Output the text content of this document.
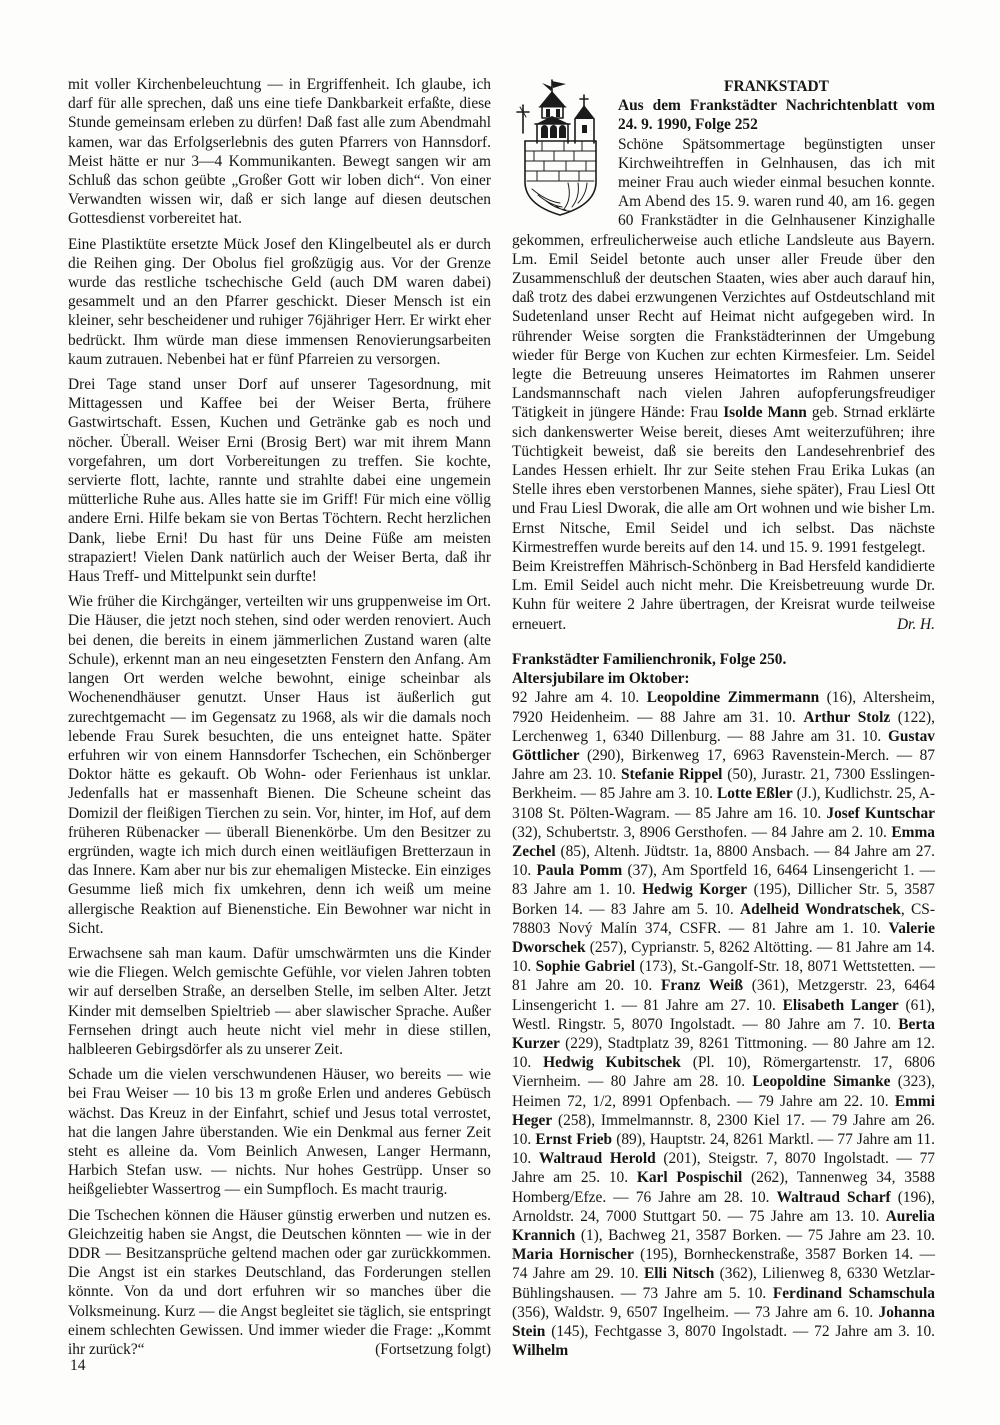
mit voller Kirchenbeleuchtung — in Ergriffenheit. Ich glaube, ich darf für alle sprechen, daß uns eine tiefe Dankbarkeit erfaßte, diese Stunde gemeinsam erleben zu dürfen! Daß fast alle zum Abendmahl kamen, war das Erfolgserlebnis des guten Pfarrers von Hannsdorf. Meist hätte er nur 3—4 Kommunikanten. Bewegt sangen wir am Schluß das schon geübte „Großer Gott wir loben dich“. Von einer Verwandten wissen wir, daß er sich lange auf diesen deutschen Gottesdienst vorbereitet hat.

Eine Plastiktüte ersetzte Mück Josef den Klingelbeutel als er durch die Reihen ging. Der Obolus fiel großzügig aus. Vor der Grenze wurde das restliche tschechische Geld (auch DM waren dabei) gesammelt und an den Pfarrer geschickt. Dieser Mensch ist ein kleiner, sehr bescheidener und ruhiger 76jähriger Herr. Er wirkt eher bedrückt. Ihm würde man diese immensen Renovierungsarbeiten kaum zutrauen. Nebenbei hat er fünf Pfarreien zu versorgen.

Drei Tage stand unser Dorf auf unserer Tagesordnung, mit Mittagessen und Kaffee bei der Weiser Berta, frühere Gastwirtschaft. Essen, Kuchen und Getränke gab es noch und nöcher. Überall. Weiser Erni (Brosig Bert) war mit ihrem Mann vorgefahren, um dort Vorbereitungen zu treffen. Sie kochte, servierte flott, lachte, rannte und strahlte dabei eine ungemein mütterliche Ruhe aus. Alles hatte sie im Griff! Für mich eine völlig andere Erni. Hilfe bekam sie von Bertas Töchtern. Recht herzlichen Dank, liebe Erni! Du hast für uns Deine Füße am meisten strapaziert! Vielen Dank natürlich auch der Weiser Berta, daß ihr Haus Treff- und Mittelpunkt sein durfte!

Wie früher die Kirchgänger, verteilten wir uns gruppenweise im Ort. Die Häuser, die jetzt noch stehen, sind oder werden renoviert. Auch bei denen, die bereits in einem jämmerlichen Zustand waren (alte Schule), erkennt man an neu eingesetzten Fenstern den Anfang. Am langen Ort werden welche bewohnt, einige scheinbar als Wochenendhäuser genutzt. Unser Haus ist äußerlich gut zurechtgemacht — im Gegensatz zu 1968, als wir die damals noch lebende Frau Surek besuchten, die uns enteignet hatte. Später erfuhren wir von einem Hannsdorfer Tschechen, ein Schönberger Doktor hätte es gekauft. Ob Wohn- oder Ferienhaus ist unklar. Jedenfalls hat er massenhaft Bienen. Die Scheune scheint das Domizil der fleißigen Tierchen zu sein. Vor, hinter, im Hof, auf dem früheren Rübenacker — überall Bienenkörbe. Um den Besitzer zu ergründen, wagte ich mich durch einen weitläufigen Bretterzaun in das Innere. Kam aber nur bis zur ehemaligen Mistecke. Ein einziges Gesumme ließ mich fix umkehren, denn ich weiß um meine allergische Reaktion auf Bienenstiche. Ein Bewohner war nicht in Sicht.

Erwachsene sah man kaum. Dafür umschwärmten uns die Kinder wie die Fliegen. Welch gemischte Gefühle, vor vielen Jahren tobten wir auf derselben Straße, an derselben Stelle, im selben Alter. Jetzt Kinder mit demselben Spieltrieb — aber slawischer Sprache. Außer Fernsehen dringt auch heute nicht viel mehr in diese stillen, halbleeren Gebirgsdörfer als zu unserer Zeit.

Schade um die vielen verschwundenen Häuser, wo bereits — wie bei Frau Weiser — 10 bis 13 m große Erlen und anderes Gebüsch wächst. Das Kreuz in der Einfahrt, schief und Jesus total verrostet, hat die langen Jahre überstanden. Wie ein Denkmal aus ferner Zeit steht es alleine da. Vom Beinlich Anwesen, Langer Hermann, Harbich Stefan usw. — nichts. Nur hohes Gestrüpp. Unser so heißgeliebter Wassertrog — ein Sumpfloch. Es macht traurig.

Die Tschechen können die Häuser günstig erwerben und nutzen es. Gleichzeitig haben sie Angst, die Deutschen könnten — wie in der DDR — Besitzansprüche geltend machen oder gar zurückkommen. Die Angst ist ein starkes Deutschland, das Forderungen stellen könnte. Von da und dort erfuhren wir so manches über die Volksmeinung. Kurz — die Angst begleitet sie täglich, sie entspringt einem schlechten Gewissen. Und immer wieder die Frage: „Kommt ihr zurück?“	(Fortsetzung folgt)

FRANKSTADT

Aus dem Frankstädter Nachrichtenblatt vom 24. 9. 1990, Folge 252

Schöne Spätsommertage begünstigten unser Kirchweihtreffen in Gelnhausen, das ich mit meiner Frau auch wieder einmal besuchen konnte. Am Abend des 15. 9. waren rund 40, am 16. gegen 60 Frankstädter in die Gelnhausener Kinzighalle gekommen, erfreulicherweise auch etliche Landsleute aus Bayern. Lm. Emil Seidel betonte auch unser aller Freude über den Zusammenschluß der deutschen Staaten, wies aber auch darauf hin, daß trotz des dabei erzwungenen Verzichtes auf Ostdeutschland mit Sudetenland unser Recht auf Heimat nicht aufgegeben wird. In rührender Weise sorgten die Frankstädterinnen der Umgebung wieder für Berge von Kuchen zur echten Kirmesfeier. Lm. Seidel legte die Betreuung unseres Heimatortes im Rahmen unserer Landsmannschaft nach vielen Jahren aufopferungsfreudiger Tätigkeit in jüngere Hände: Frau Isolde Mann geb. Strnad erklärte sich dankenswerter Weise bereit, dieses Amt weiterzuführen; ihre Tüchtigkeit beweist, daß sie bereits den Landesehrenbrief des Landes Hessen erhielt. Ihr zur Seite stehen Frau Erika Lukas (an Stelle ihres eben verstorbenen Mannes, siehe später), Frau Liesl Ott und Frau Liesl Dworak, die alle am Ort wohnen und wie bisher Lm. Ernst Nitsche, Emil Seidel und ich selbst. Das nächste Kirmestreffen wurde bereits auf den 14. und 15. 9. 1991 festgelegt.

Beim Kreistreffen Mährisch-Schönberg in Bad Hersfeld kandidierte Lm. Emil Seidel auch nicht mehr. Die Kreisbetreuung wurde Dr. Kuhn für weitere 2 Jahre übertragen, der Kreisrat wurde teilweise erneuert.	Dr. H.

Frankstädter Familienchronik, Folge 250.

Altersjubilare im Oktober:

92 Jahre am 4. 10. Leopoldine Zimmermann (16), Altersheim, 7920 Heidenheim. — 88 Jahre am 31. 10. Arthur Stolz (122), Lerchenweg 1, 6340 Dillenburg. — 88 Jahre am 31. 10. Gustav Göttlicher (290), Birkenweg 17, 6963 Ravenstein-Merch. — 87 Jahre am 23. 10. Stefanie Rippel (50), Jurastr. 21, 7300 Esslingen-Berkheim. — 85 Jahre am 3. 10. Lotte Eßler (J.), Kudlichstr. 25, A-3108 St. Pölten-Wagram. — 85 Jahre am 16. 10. Josef Kuntschar (32), Schubertstr. 3, 8906 Gersthofen. — 84 Jahre am 2. 10. Emma Zechel (85), Altenh. Jüdtstr. 1a, 8800 Ansbach. — 84 Jahre am 27. 10. Paula Pomm (37), Am Sportfeld 16, 6464 Linsengericht 1. — 83 Jahre am 1. 10. Hedwig Korger (195), Dillicher Str. 5, 3587 Borken 14. — 83 Jahre am 5. 10. Adelheid Wondratschek, CS-78803 Nový Malín 374, CSFR. — 81 Jahre am 1. 10. Valerie Dworschek (257), Cyprianstr. 5, 8262 Altötting. — 81 Jahre am 14. 10. Sophie Gabriel (173), St.-Gangolf-Str. 18, 8071 Wettstetten. — 81 Jahre am 20. 10. Franz Weiß (361), Metzgerstr. 23, 6464 Linsengericht 1. — 81 Jahre am 27. 10. Elisabeth Langer (61), Westl. Ringstr. 5, 8070 Ingolstadt. — 80 Jahre am 7. 10. Berta Kurzer (229), Stadtplatz 39, 8261 Tittmoning. — 80 Jahre am 12. 10. Hedwig Kubitschek (Pl. 10), Römergartenstr. 17, 6806 Viernheim. — 80 Jahre am 28. 10. Leopoldine Simanke (323), Heimen 72, 1/2, 8991 Opfenbach. — 79 Jahre am 22. 10. Emmi Heger (258), Immelmannstr. 8, 2300 Kiel 17. — 79 Jahre am 26. 10. Ernst Frieb (89), Hauptstr. 24, 8261 Marktl. — 77 Jahre am 11. 10. Waltraud Herold (201), Steigstr. 7, 8070 Ingolstadt. — 77 Jahre am 25. 10. Karl Pospischil (262), Tannenweg 34, 3588 Homberg/Efze. — 76 Jahre am 28. 10. Waltraud Scharf (196), Arnoldstr. 24, 7000 Stuttgart 50. — 75 Jahre am 13. 10. Aurelia Krannich (1), Bachweg 21, 3587 Borken. — 75 Jahre am 23. 10. Maria Hornischer (195), Bornheckenstraße, 3587 Borken 14. — 74 Jahre am 29. 10. Elli Nitsch (362), Lilienweg 8, 6330 Wetzlar-Bühlingshausen. — 73 Jahre am 5. 10. Ferdinand Schamschula (356), Waldstr. 9, 6507 Ingelheim. — 73 Jahre am 6. 10. Johanna Stein (145), Fechtgasse 3, 8070 Ingolstadt. — 72 Jahre am 3. 10. Wilhelm

14
